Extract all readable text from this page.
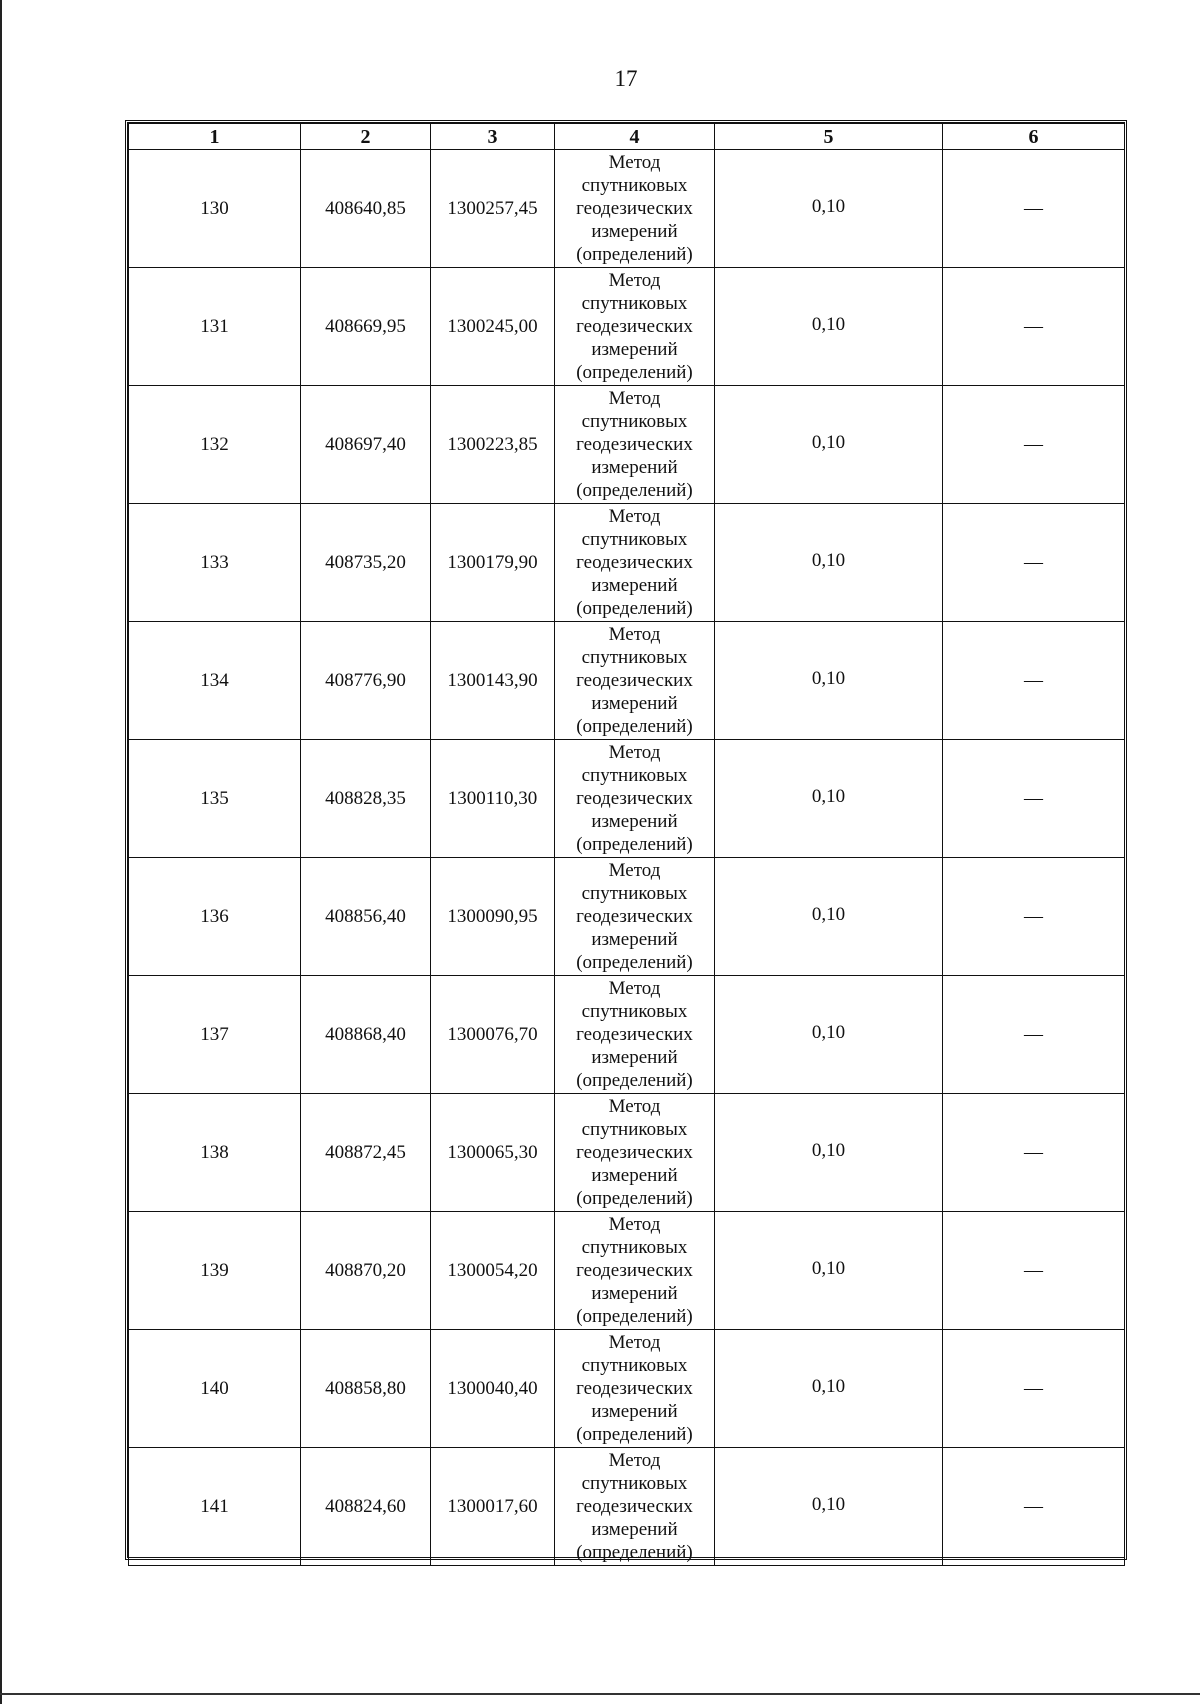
17
1	2	3	4	5	6
130	408640,85	1300257,45	Метод спутниковых геодезических измерений (определений)	0,10	—
131	408669,95	1300245,00	Метод спутниковых геодезических измерений (определений)	0,10	—
132	408697,40	1300223,85	Метод спутниковых геодезических измерений (определений)	0,10	—
133	408735,20	1300179,90	Метод спутниковых геодезических измерений (определений)	0,10	—
134	408776,90	1300143,90	Метод спутниковых геодезических измерений (определений)	0,10	—
135	408828,35	1300110,30	Метод спутниковых геодезических измерений (определений)	0,10	—
136	408856,40	1300090,95	Метод спутниковых геодезических измерений (определений)	0,10	—
137	408868,40	1300076,70	Метод спутниковых геодезических измерений (определений)	0,10	—
138	408872,45	1300065,30	Метод спутниковых геодезических измерений (определений)	0,10	—
139	408870,20	1300054,20	Метод спутниковых геодезических измерений (определений)	0,10	—
140	408858,80	1300040,40	Метод спутниковых геодезических измерений (определений)	0,10	—
141	408824,60	1300017,60	Метод спутниковых геодезических измерений (определений)	0,10	—
